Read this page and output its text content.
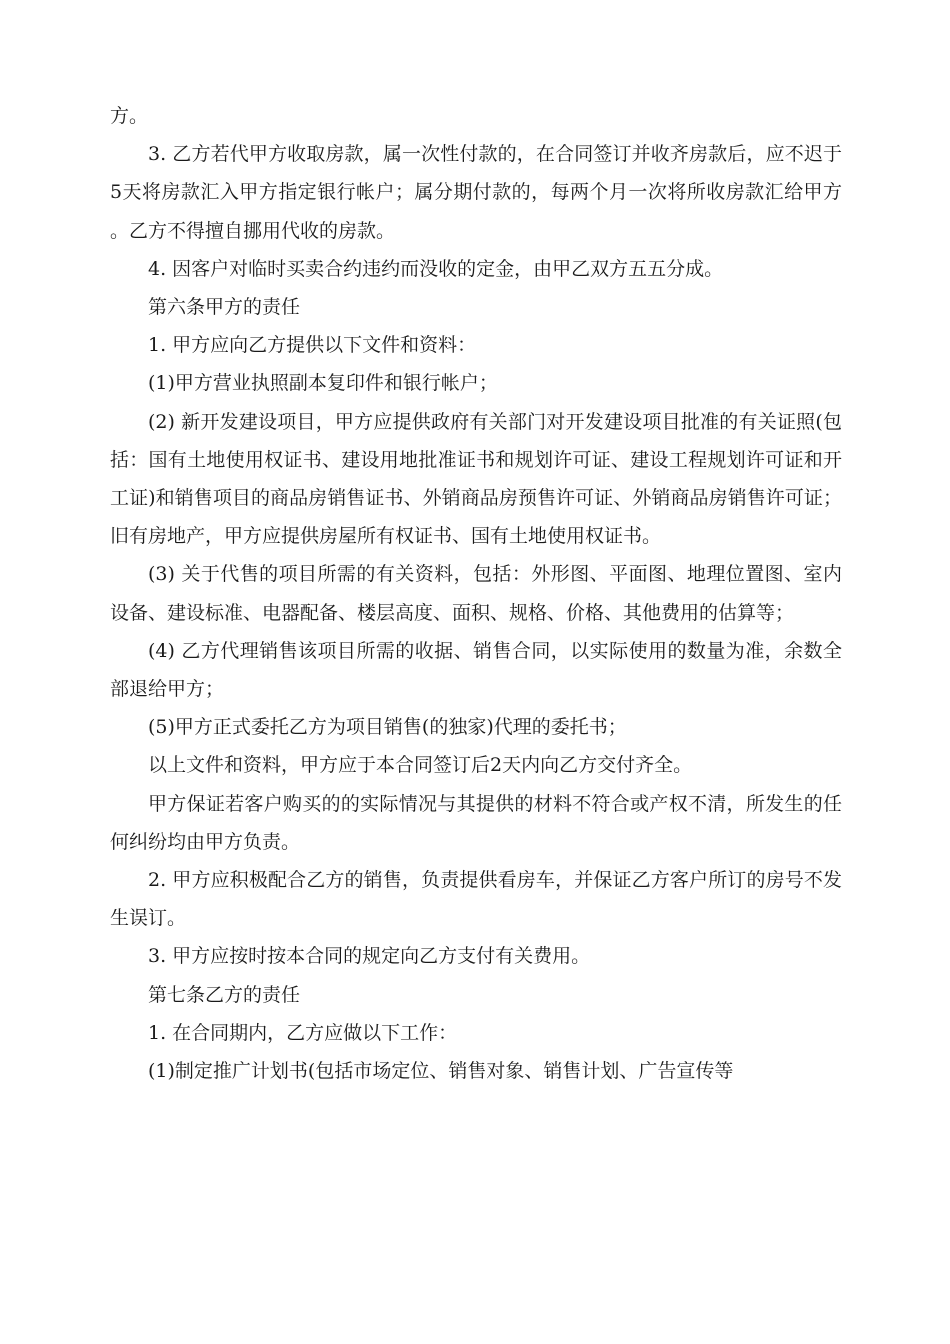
方。

3. 乙方若代甲方收取房款，属一次性付款的，在合同签订并收齐房款后，应不迟于5天将房款汇入甲方指定银行帐户；属分期付款的，每两个月一次将所收房款汇给甲方。乙方不得擅自挪用代收的房款。

4. 因客户对临时买卖合约违约而没收的定金，由甲乙双方五五分成。

第六条甲方的责任

1. 甲方应向乙方提供以下文件和资料：

(1)甲方营业执照副本复印件和银行帐户；

(2) 新开发建设项目，甲方应提供政府有关部门对开发建设项目批准的有关证照(包括：国有土地使用权证书、建设用地批准证书和规划许可证、建设工程规划许可证和开工证)和销售项目的商品房销售证书、外销商品房预售许可证、外销商品房销售许可证；旧有房地产，甲方应提供房屋所有权证书、国有土地使用权证书。

(3) 关于代售的项目所需的有关资料，包括：外形图、平面图、地理位置图、室内设备、建设标准、电器配备、楼层高度、面积、规格、价格、其他费用的估算等；

(4) 乙方代理销售该项目所需的收据、销售合同，以实际使用的数量为准，余数全部退给甲方；

(5)甲方正式委托乙方为项目销售(的独家)代理的委托书；

以上文件和资料，甲方应于本合同签订后2天内向乙方交付齐全。

甲方保证若客户购买的的实际情况与其提供的材料不符合或产权不清，所发生的任何纠纷均由甲方负责。

2. 甲方应积极配合乙方的销售，负责提供看房车，并保证乙方客户所订的房号不发生误订。

3. 甲方应按时按本合同的规定向乙方支付有关费用。

第七条乙方的责任

1. 在合同期内，乙方应做以下工作：

(1)制定推广计划书(包括市场定位、销售对象、销售计划、广告宣传等
